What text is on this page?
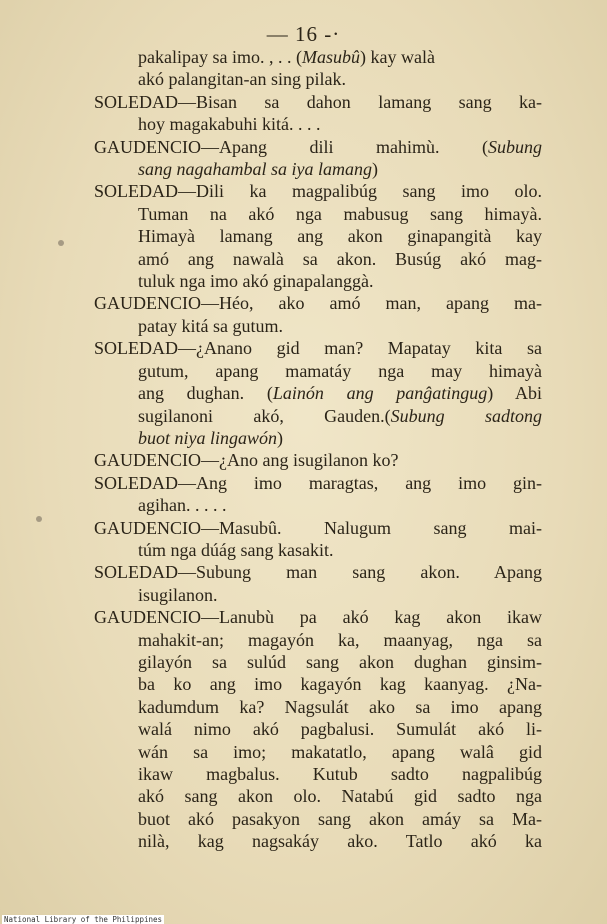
— 16 -·
pakalipay sa imo. , . . (Masubû) kay walà
akó palangitan-an sing pilak.
SOLEDAD—Bisan sa dahon lamang sang ka-
hoy magakabuhi kitá. . . .
GAUDENCIO—Apang dili mahimù. (Subung
sang nagahambal sa iya lamang)
SOLEDAD—Dili ka magpalibúg sang imo olo.
Tuman na akó nga mabusug sang himayà.
Himayà lamang ang akon ginapangità kay
amó ang nawalà sa akon. Busúg akó mag-
tuluk nga imo akó ginapalanggà.
GAUDENCIO—Héo, ako amó man, apang ma-
patay kitá sa gutum.
SOLEDAD—¿Anano gid man? Mapatay kita sa
gutum, apang mamatáy nga may himayà
ang dughan. (Lainón ang panĝatingug) Abi
sugilanoni akó, Gauden.(Subung sadtong
buot niya lingawón)
GAUDENCIO—¿Ano ang isugilanon ko?
SOLEDAD—Ang imo maragtas, ang imo gin-
agihan. . . . .
GAUDENCIO—Masubû. Nalugum sang mai-
túm nga dúág sang kasakit.
SOLEDAD—Subung man sang akon. Apang
isugilanon.
GAUDENCIO—Lanubù pa akó kag akon ikaw
mahakit-an; magayón ka, maanyag, nga sa
gilayón sa sulúd sang akon dughan ginsim-
ba ko ang imo kagayón kag kaanyag. ¿Na-
kadumdum ka? Nagsulát ako sa imo apang
walá nimo akó pagbalusi. Sumulát akó li-
wán sa imo; makatatlo, apang walâ gid
ikaw magbalus. Kutub sadto nagpalibúg
akó sang akon olo. Natabú gid sadto nga
buot akó pasakyon sang akon amáy sa Ma-
nilà, kag nagsakáy ako. Tatlo akó ka
National Library of the Philippines
